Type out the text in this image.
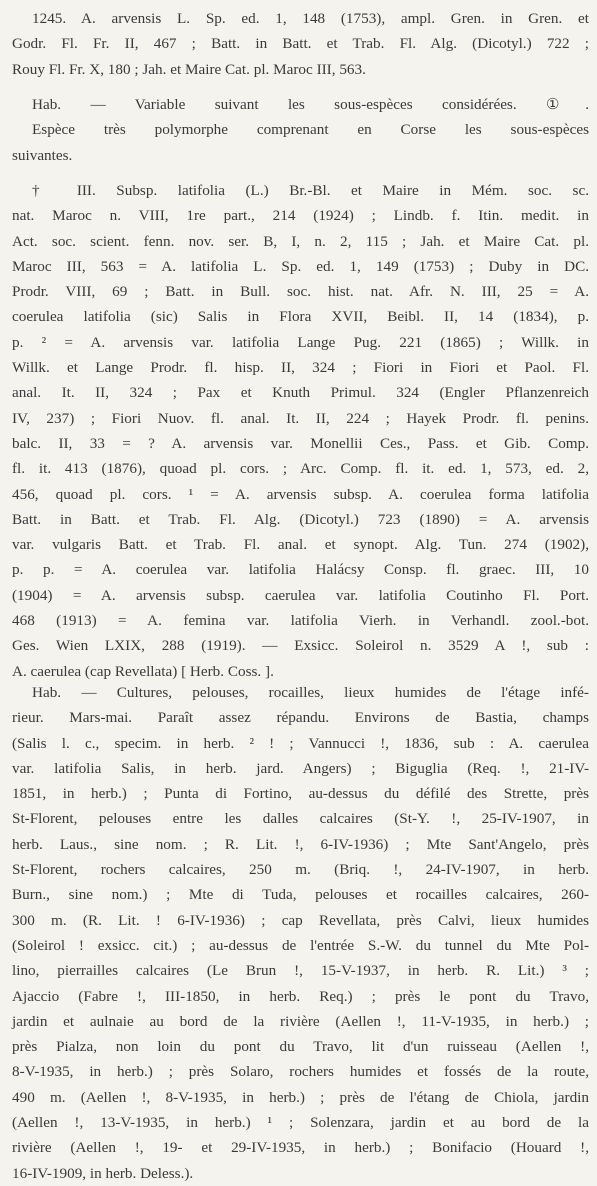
1245. A. arvensis L. Sp. ed. 1, 148 (1753), ampl. Gren. in Gren. et
Godr. Fl. Fr. II, 467 ; Batt. in Batt. et Trab. Fl. Alg. (Dicotyl.) 722 ;
Rouy Fl. Fr. X, 180 ; Jah. et Maire Cat. pl. Maroc III, 563.
Hab. — Variable suivant les sous-espèces considérées. ①.
Espèce très polymorphe comprenant en Corse les sous-espèces
suivantes.
† III. Subsp. latifolia (L.) Br.-Bl. et Maire in Mém. soc. sc.
nat. Maroc n. VIII, 1re part., 214 (1924) ; Lindb. f. Itin. medit. in
Act. soc. scient. fenn. nov. ser. B, I, n. 2, 115 ; Jah. et Maire Cat. pl.
Maroc III, 563 = A. latifolia L. Sp. ed. 1, 149 (1753) ; Duby in DC.
Prodr. VIII, 69 ; Batt. in Bull. soc. hist. nat. Afr. N. III, 25 = A.
coerulea latifolia (sic) Salis in Flora XVII, Beibl. II, 14 (1834), p.
p. ² = A. arvensis var. latifolia Lange Pug. 221 (1865) ; Willk. in
Willk. et Lange Prodr. fl. hisp. II, 324 ; Fiori in Fiori et Paol. Fl.
anal. It. II, 324 ; Pax et Knuth Primul. 324 (Engler Pflanzenreich
IV, 237) ; Fiori Nuov. fl. anal. It. II, 224 ; Hayek Prodr. fl. penins.
balc. II, 33 = ? A. arvensis var. Monellii Ces., Pass. et Gib. Comp.
fl. it. 413 (1876), quoad pl. cors. ; Arc. Comp. fl. it. ed. 1, 573, ed. 2,
456, quoad pl. cors. ¹ = A. arvensis subsp. A. coerulea forma latifolia
Batt. in Batt. et Trab. Fl. Alg. (Dicotyl.) 723 (1890) = A. arvensis
var. vulgaris Batt. et Trab. Fl. anal. et synopt. Alg. Tun. 274 (1902),
p. p. = A. coerulea var. latifolia Halácsy Consp. fl. graec. III, 10
(1904) = A. arvensis subsp. caerulea var. latifolia Coutinho Fl. Port.
468 (1913) = A. femina var. latifolia Vierh. in Verhandl. zool.-bot.
Ges. Wien LXIX, 288 (1919). — Exsicc. Soleirol n. 3529 A !, sub :
A. caerulea (cap Revellata) [ Herb. Coss. ].
Hab. — Cultures, pelouses, rocailles, lieux humides de l'étage infé-
rieur. Mars-mai. Paraît assez répandu. Environs de Bastia, champs
(Salis l. c., specim. in herb. ² ! ; Vannucci !, 1836, sub : A. caerulea
var. latifolia Salis, in herb. jard. Angers) ; Biguglia (Req. !, 21-IV-
1851, in herb.) ; Punta di Fortino, au-dessus du défilé des Strette, près
St-Florent, pelouses entre les dalles calcaires (St-Y. !, 25-IV-1907, in
herb. Laus., sine nom. ; R. Lit. !, 6-IV-1936) ; Mte Sant'Angelo, près
St-Florent, rochers calcaires, 250 m. (Briq. !, 24-IV-1907, in herb.
Burn., sine nom.) ; Mte di Tuda, pelouses et rocailles calcaires, 260-
300 m. (R. Lit. ! 6-IV-1936) ; cap Revellata, près Calvi, lieux humides
(Soleirol ! exsicc. cit.) ; au-dessus de l'entrée S.-W. du tunnel du Mte Pol-
lino, pierrailles calcaires (Le Brun !, 15-V-1937, in herb. R. Lit.) ³ ;
Ajaccio (Fabre !, III-1850, in herb. Req.) ; près le pont du Travo,
jardin et aulnaie au bord de la rivière (Aellen !, 11-V-1935, in herb.) ;
près Pialza, non loin du pont du Travo, lit d'un ruisseau (Aellen !,
8-V-1935, in herb.) ; près Solaro, rochers humides et fossés de la route,
490 m. (Aellen !, 8-V-1935, in herb.) ; près de l'étang de Chiola, jardin
(Aellen !, 13-V-1935, in herb.) ¹ ; Solenzara, jardin et au bord de la
rivière (Aellen !, 19- et 29-IV-1935, in herb.) ; Bonifacio (Houard !,
16-IV-1909, in herb. Deless.).
